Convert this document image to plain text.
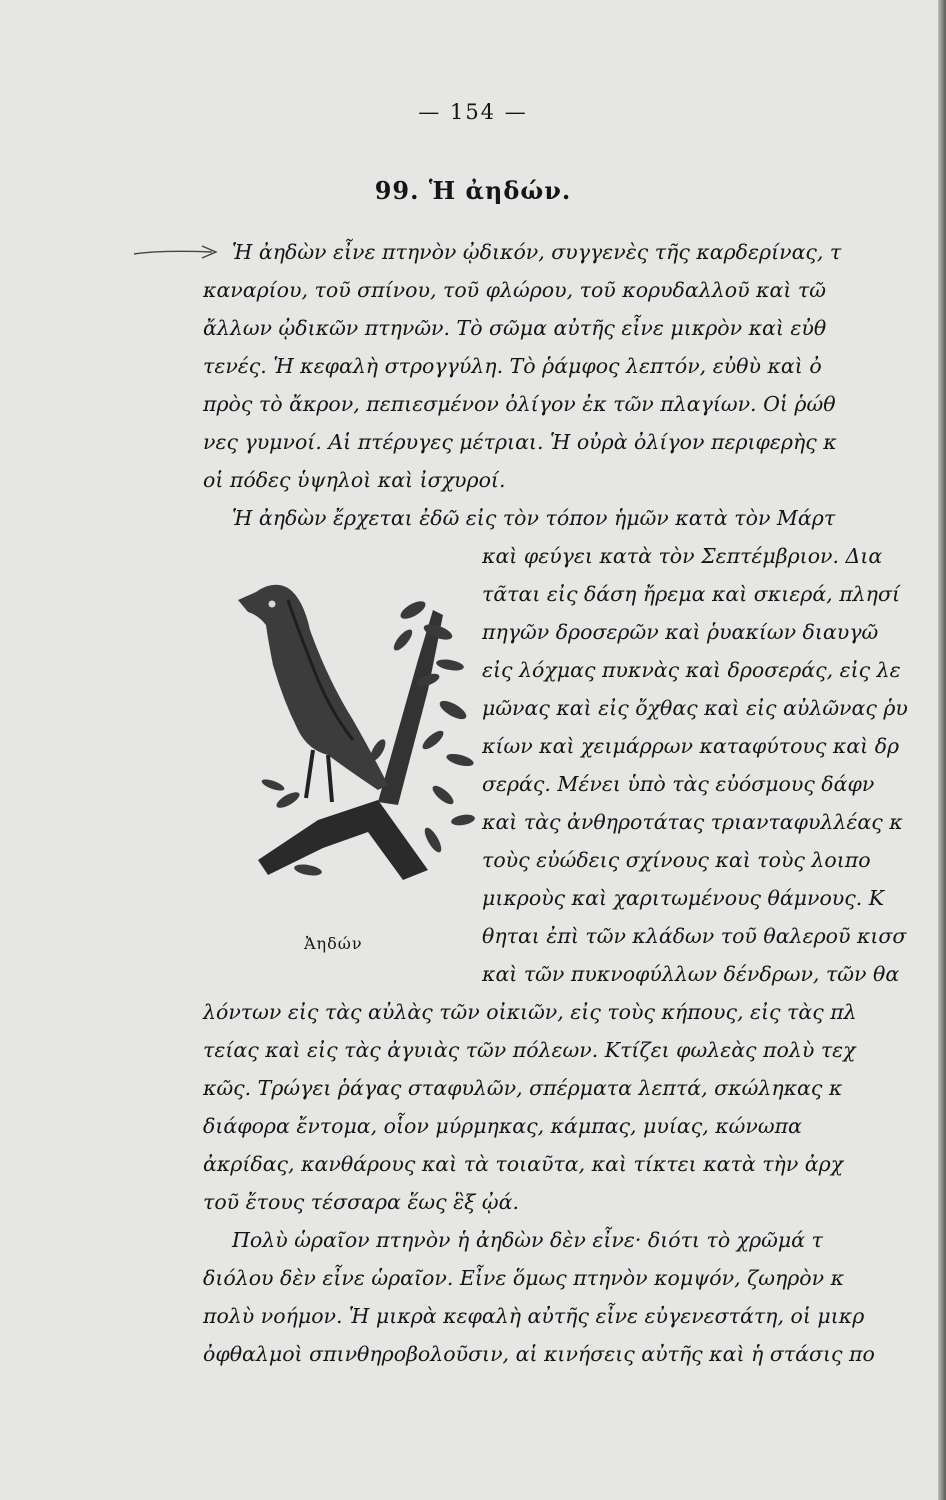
— 154 —
99. Ἡ ἀηδών.
Ἡ ἀηδὼν εἶνε πτηνὸν ᾠδικόν, συγγενὲς τῆς καρδερίνας, τ
καναρίου, τοῦ σπίνου, τοῦ φλώρου, τοῦ κορυδαλλοῦ καὶ τῶ
ἄλλων ᾠδικῶν πτηνῶν. Τὸ σῶμα αὐτῆς εἶνε μικρὸν καὶ εὐθ
τενές. Ἡ κεφαλὴ στρογγύλη. Τὸ ῥάμφος λεπτόν, εὐθὺ καὶ ὀ
πρὸς τὸ ἄκρον, πεπιεσμένον ὀλίγον ἐκ τῶν πλαγίων. Οἱ ῥώθ
νες γυμνοί. Αἱ πτέρυγες μέτριαι. Ἡ οὐρὰ ὀλίγον περιφερὴς κ
οἱ πόδες ὑψηλοὶ καὶ ἰσχυροί.
Ἡ ἀηδὼν ἔρχεται ἐδῶ εἰς τὸν τόπον ἡμῶν κατὰ τὸν Μάρτ
καὶ φεύγει κατὰ τὸν Σεπτέμβριον. Δια
τᾶται εἰς δάση ἤρεμα καὶ σκιερά, πλησί
πηγῶν δροσερῶν καὶ ῥυακίων διαυγῶ
εἰς λόχμας πυκνὰς καὶ δροσεράς, εἰς λε
μῶνας καὶ εἰς ὄχθας καὶ εἰς αὐλῶνας ῥυ
κίων καὶ χειμάρρων καταφύτους καὶ δρ
σεράς. Μένει ὑπὸ τὰς εὐόσμους δάφν
καὶ τὰς ἀνθηροτάτας τριανταφυλλέας κ
τοὺς εὐώδεις σχίνους καὶ τοὺς λοιπο
μικροὺς καὶ χαριτωμένους θάμνους. Κ
θηται ἐπὶ τῶν κλάδων τοῦ θαλεροῦ κισσ
καὶ τῶν πυκνοφύλλων δένδρων, τῶν θα
λόντων εἰς τὰς αὐλὰς τῶν οἰκιῶν, εἰς τοὺς κήπους, εἰς τὰς πλ
τείας καὶ εἰς τὰς ἀγυιὰς τῶν πόλεων. Κτίζει φωλεὰς πολὺ τεχ
κῶς. Τρώγει ῥάγας σταφυλῶν, σπέρματα λεπτά, σκώληκας κ
διάφορα ἔντομα, οἷον μύρμηκας, κάμπας, μυίας, κώνωπα
ἀκρίδας, κανθάρους καὶ τὰ τοιαῦτα, καὶ τίκτει κατὰ τὴν ἀρχ
τοῦ ἔτους τέσσαρα ἕως ἓξ ᾠά.
Πολὺ ὡραῖον πτηνὸν ἡ ἀηδὼν δὲν εἶνε· διότι τὸ χρῶμά τ
διόλου δὲν εἶνε ὡραῖον. Εἶνε ὅμως πτηνὸν κομψόν, ζωηρὸν κ
πολὺ νοήμον. Ἡ μικρὰ κεφαλὴ αὐτῆς εἶνε εὐγενεστάτη, οἱ μικρ
ὀφθαλμοὶ σπινθηροβολοῦσιν, αἱ κινήσεις αὐτῆς καὶ ἡ στάσις πο
Ἀηδών
